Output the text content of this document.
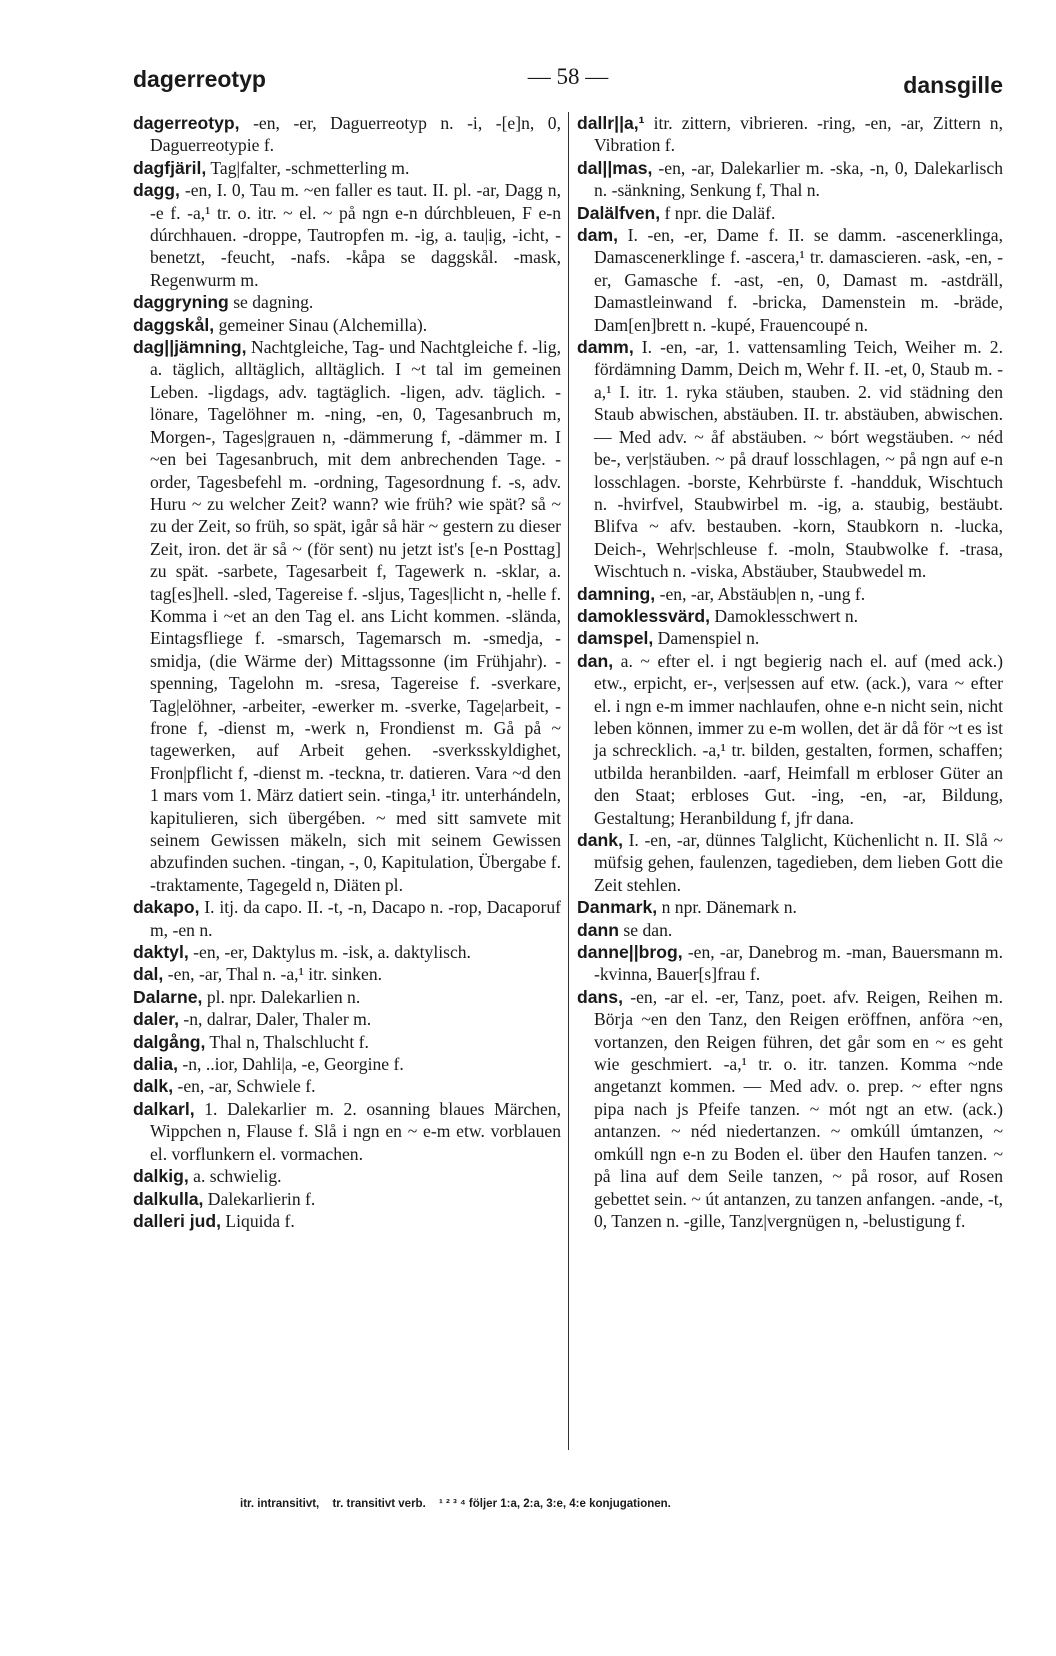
dagerreotyp	— 58 —	dansgille
dagerreotyp, -en, -er, Daguerreotyp n. -i, -[e]n, 0, Daguerreotypie f.
dagfjäril, Tag|falter, -schmetterling m.
dagg, -en, I. 0, Tau m. ~en faller es taut. II. pl. -ar, Dagg n, -e f. -a,¹ tr. o. itr. ~ el. ~ på ngn e-n dúrchbleuen, F e-n dúrchhauen. -droppe, Tautropfen m. -ig, a. tau|ig, -icht, -benetzt, -feucht, -nafs. -kåpa se daggskål. -mask, Regenwurm m.
daggryning se dagning.
daggskål, gemeiner Sinau (Alchemilla).
dag||jämning, Nachtgleiche, Tag- und Nachtgleiche f. -lig, a. täglich, alltäglich, alltäglich. I ~t tal im gemeinen Leben. -ligdags, adv. tagtäglich. -ligen, adv. täglich. -lönare, Tagelöhner m. -ning, -en, 0, Tagesanbruch m, Morgen-, Tages|grauen n, -dämmerung f, -dämmer m. I ~en bei Tagesanbruch, mit dem anbrechenden Tage. -order, Tagesbefehl m. -ordning, Tagesordnung f. -s, adv. Huru ~ zu welcher Zeit? wann? wie früh? wie spät? så ~ zu der Zeit, so früh, so spät, igår så här ~ gestern zu dieser Zeit, iron. det är så ~ (för sent) nu jetzt ist's [e-n Posttag] zu spät. -sarbete, Tagesarbeit f, Tagewerk n. -sklar, a. tag[es]hell. -sled, Tagereise f. -sljus, Tages|licht n, -helle f. Komma i ~et an den Tag el. ans Licht kommen. -slända, Eintagsfliege f. -smarsch, Tagemarsch m. -smedja, -smidja, (die Wärme der) Mittagssonne (im Frühjahr). -spenning, Tagelohn m. -sresa, Tagereise f. -sverkare, Tag|elöhner, -arbeiter, -ewerker m. -sverke, Tage|arbeit, -frone f, -dienst m, -werk n, Frondienst m. Gå på ~ tagewerken, auf Arbeit gehen. -sverksskyldighet, Fron|pflicht f, -dienst m. -teckna, tr. datieren. Vara ~d den 1 mars vom 1. März datiert sein. -tinga,¹ itr. unterhándeln, kapitulieren, sich übergében. ~ med sitt samvete mit seinem Gewissen mäkeln, sich mit seinem Gewissen abzufinden suchen. -tingan, -, 0, Kapitulation, Übergabe f. -traktamente, Tagegeld n, Diäten pl.
dakapo, I. itj. da capo. II. -t, -n, Dacapo n. -rop, Dacaporuf m, -en n.
daktyl, -en, -er, Daktylus m. -isk, a. daktylisch.
dal, -en, -ar, Thal n. -a,¹ itr. sinken.
Dalarne, pl. npr. Dalekarlien n.
daler, -n, dalrar, Daler, Thaler m.
dalgång, Thal n, Thalschlucht f.
dalia, -n, ..ior, Dahli|a, -e, Georgine f.
dalk, -en, -ar, Schwiele f.
dalkarl, 1. Dalekarlier m. 2. osanning blaues Märchen, Wippchen n, Flause f. Slå i ngn en ~ e-m etw. vorblauen el. vorflunkern el. vormachen.
dalkig, a. schwielig.
dalkulla, Dalekarlierin f.
dalleri jud, Liquida f.
dallr||a,¹ itr. zittern, vibrieren. -ring, -en, -ar, Zittern n, Vibration f.
dal||mas, -en, -ar, Dalekarlier m. -ska, -n, 0, Dalekarlisch n. -sänkning, Senkung f, Thal n.
Dalälfven, f npr. die Daläf.
dam, I. -en, -er, Dame f. II. se damm. -ascenerklinga, Damascenerklinge f. -ascera,¹ tr. damascieren. -ask, -en, -er, Gamasche f. -ast, -en, 0, Damast m. -astdräll, Damastleinwand f. -bricka, Damenstein m. -bräde, Dam[en]brett n. -kupé, Frauencoupé n.
damm, I. -en, -ar, 1. vattensamling Teich, Weiher m. 2. fördämning Damm, Deich m, Wehr f. II. -et, 0, Staub m. -a,¹ I. itr. 1. ryka stäuben, stauben. 2. vid städning den Staub abwischen, abstäuben. II. tr. abstäuben, abwischen. — Med adv. ~ åf abstäuben. ~ bórt wegstäuben. ~ néd be-, ver|stäuben. ~ på drauf losschlagen, ~ på ngn auf e-n losschlagen. -borste, Kehrbürste f. -handduk, Wischtuch n. -hvirfvel, Staubwirbel m. -ig, a. staubig, bestäubt. Blifva ~ afv. bestauben. -korn, Staubkorn n. -lucka, Deich-, Wehr|schleuse f. -moln, Staubwolke f. -trasa, Wischtuch n. -viska, Abstäuber, Staubwedel m.
damning, -en, -ar, Abstäub|en n, -ung f.
damoklessvärd, Damoklesschwert n.
damspel, Damenspiel n.
dan, a. ~ efter el. i ngt begierig nach el. auf (med ack.) etw., erpicht, er-, ver|sessen auf etw. (ack.), vara ~ efter el. i ngn e-m immer nachlaufen, ohne e-n nicht sein, nicht leben können, immer zu e-m wollen, det är då för ~t es ist ja schrecklich. -a,¹ tr. bilden, gestalten, formen, schaffen; utbilda heranbilden. -aarf, Heimfall m erbloser Güter an den Staat; erbloses Gut. -ing, -en, -ar, Bildung, Gestaltung; Heranbildung f, jfr dana.
dank, I. -en, -ar, dünnes Talglicht, Küchenlicht n. II. Slå ~ müfsig gehen, faulenzen, tagedieben, dem lieben Gott die Zeit stehlen.
Danmark, n npr. Dänemark n.
dann se dan.
danne||brog, -en, -ar, Danebrog m. -man, Bauersmann m. -kvinna, Bauer[s]frau f.
dans, -en, -ar el. -er, Tanz, poet. afv. Reigen, Reihen m. Börja ~en den Tanz, den Reigen eröffnen, anföra ~en, vortanzen, den Reigen führen, det går som en ~ es geht wie geschmiert. -a,¹ tr. o. itr. tanzen. Komma ~nde angetanzt kommen. — Med adv. o. prep. ~ efter ngns pipa nach js Pfeife tanzen. ~ mót ngt an etw. (ack.) antanzen. ~ néd niedertanzen. ~ omkúll úmtanzen, ~ omkúll ngn e-n zu Boden el. über den Haufen tanzen. ~ på lina auf dem Seile tanzen, ~ på rosor, auf Rosen gebettet sein. ~ út antanzen, zu tanzen anfangen. -ande, -t, 0, Tanzen n. -gille, Tanz|vergnügen n, -belustigung f.
itr. intransitivt, tr. transitivt verb. ¹ ² ³ ⁴ följer 1:a, 2:a, 3:e, 4:e konjugationen.
